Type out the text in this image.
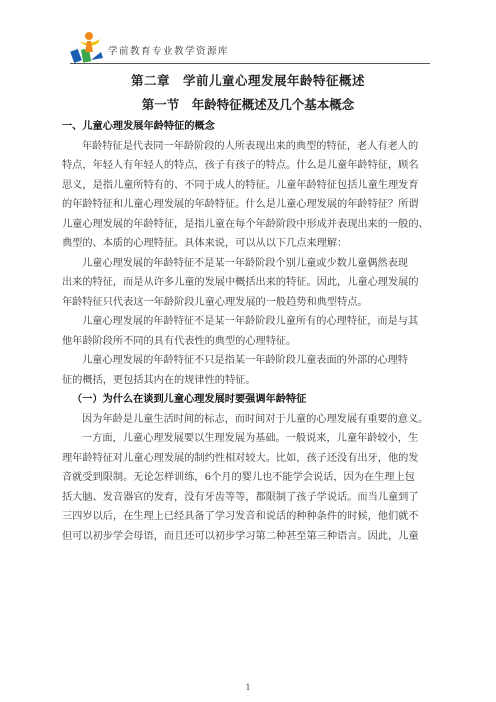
学前教育专业教学资源库
第二章　学前儿童心理发展年龄特征概述
第一节　年龄特征概述及几个基本概念
一、儿童心理发展年龄特征的概念
年龄特征是代表同一年龄阶段的人所表现出来的典型的特征，老人有老人的
特点，年轻人有年轻人的特点，孩子有孩子的特点。什么是儿童年龄特征，顾名
思义，是指儿童所特有的、不同于成人的特征。儿童年龄特征包括儿童生理发育
的年龄特征和儿童心理发展的年龄特征。什么是儿童心理发展的年龄特征？所谓
儿童心理发展的年龄特征，是指儿童在每个年龄阶段中形成并表现出来的一般的、
典型的、本质的心理特征。具体来说，可以从以下几点来理解：
儿童心理发展的年龄特征不是某一年龄阶段个别儿童或少数儿童偶然表现
出来的特征，而是从许多儿童的发展中概括出来的特征。因此，儿童心理发展的
年龄特征只代表这一年龄阶段儿童心理发展的一般趋势和典型特点。
儿童心理发展的年龄特征不是某一年龄阶段儿童所有的心理特征，而是与其
他年龄阶段所不同的具有代表性的典型的心理特征。
儿童心理发展的年龄特征不只是指某一年龄阶段儿童表面的外部的心理特
征的概括，更包括其内在的规律性的特征。
（一）为什么在谈到儿童心理发展时要强调年龄特征
因为年龄是儿童生活时间的标志，而时间对于儿童的心理发展有重要的意义。
一方面，儿童心理发展要以生理发展为基础。一般说来，儿童年龄较小，生
理年龄特征对儿童心理发展的制约性相对较大。比如，孩子还没有出牙，他的发
音就受到限制。无论怎样训练，6个月的婴儿也不能学会说话，因为在生理上包
括大脑、发音器官的发育，没有牙齿等等，都限制了孩子学说话。而当儿童到了
三四岁以后，在生理上已经具备了学习发音和说话的种种条件的时候，他们就不
但可以初步学会母语，而且还可以初步学习第二种甚至第三种语言。因此，儿童
1
